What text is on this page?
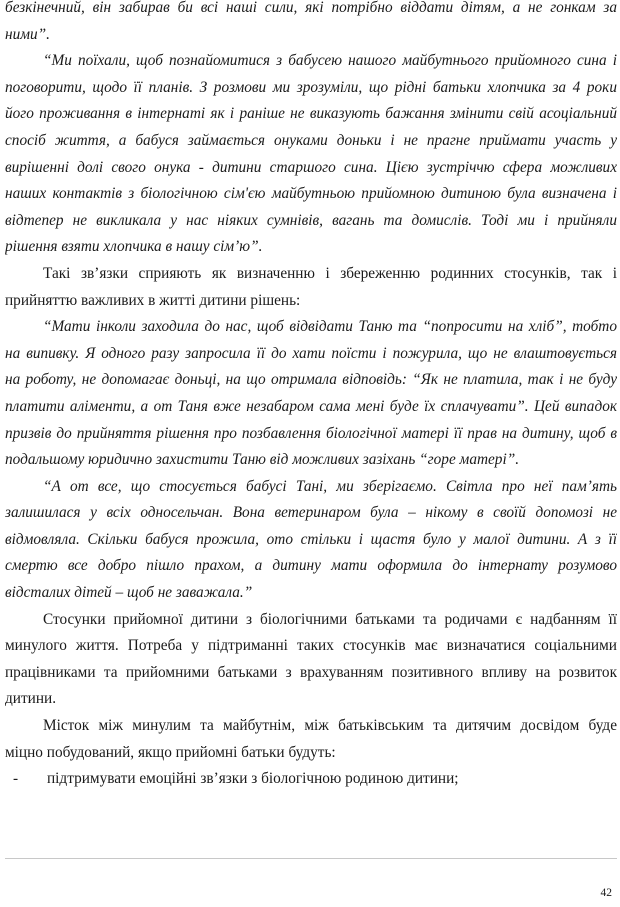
безкінечний, він забирав би всі наші сили, які потрібно віддати дітям, а не гонкам за
ними”.

“Ми поїхали, щоб познайомитися з бабусею нашого майбутнього прийомного сина і
поговорити, щодо її планів. З розмови ми зрозуміли, що рідні батьки хлопчика за 4 роки
його проживання в інтернаті як і раніше не виказують бажання змінити свій асоціальний
спосіб життя, а бабуся займається онуками доньки і не прагне приймати участь у
вирішенні долі свого онука - дитини старшого сина. Цією зустріччю сфера можливих
наших контактів з біологічною сім'єю майбутньою прийомною дитиною була визначена і
відтепер не викликала у нас ніяких сумнівів, вагань та домислів. Тоді ми і прийняли
рішення взяти хлопчика в нашу сім’ю”.

Такі зв’язки сприяють як визначенню і збереженню родинних стосунків, так і
прийняттю важливих в житті дитини рішень:

“Мати інколи заходила до нас, щоб відвідати Таню та “попросити на хліб”, тобто
на випивку. Я одного разу запросила її до хати поїсти і пожурила, що не влаштовується
на роботу, не допомагає доньці, на що отримала відповідь: “Як не платила, так і не буду
платити аліменти, а от Таня вже незабаром сама мені буде їх сплачувати”. Цей випадок
призвів до прийняття рішення про позбавлення біологічної матері її прав на дитину, щоб в
подальшому юридично захистити Таню від можливих зазіхань “горе матері”.

“А от все, що стосується бабусі Тані, ми зберігаємо. Світла про неї пам’ять
залишилася у всіх односельчан. Вона ветеринаром була – нікому в своїй допомозі не
відмовляла. Скільки бабуся прожила, ото стільки і щастя було у малої дитини. А з її
смертю все добро пішло прахом, а дитину мати оформила до інтернату розумово
відсталих дітей – щоб не заважала.”

Стосунки прийомної дитини з біологічними батьками та родичами є надбанням її
минулого життя. Потреба у підтриманні таких стосунків має визначатися соціальними
працівниками та прийомними батьками з врахуванням позитивного впливу на розвиток
дитини.

Місток між минулим та майбутнім, між батьківським та дитячим досвідом буде
міцно побудований, якщо прийомні батьки будуть:

-	підтримувати емоційні зв’язки з біологічною родиною дитини;
42
